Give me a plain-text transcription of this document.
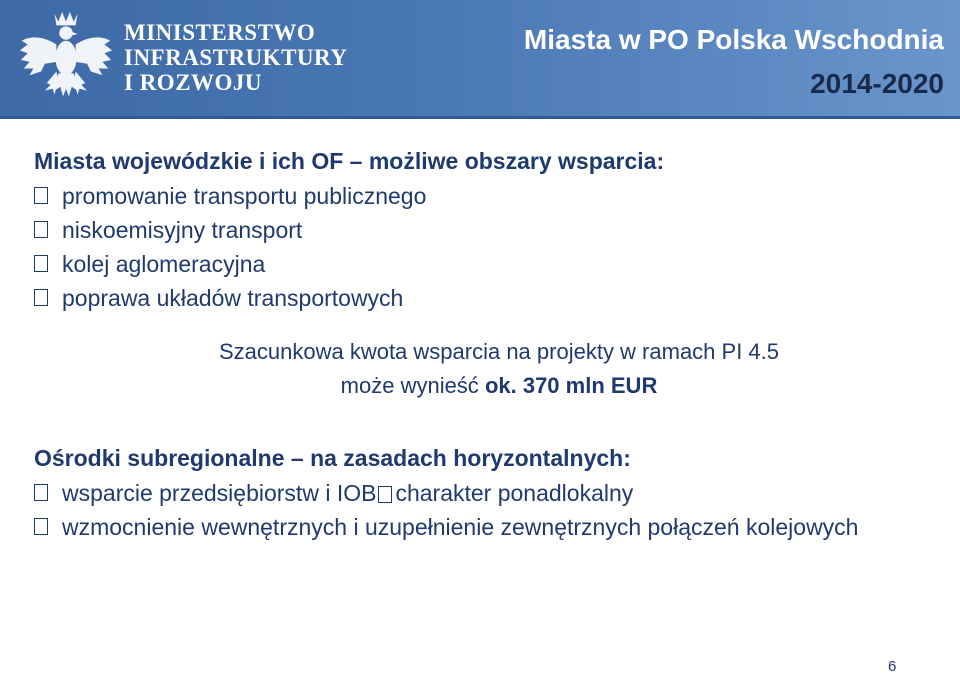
MINISTERSTWO
INFRASTRUKTURY
I ROZWOJU
Miasta w PO Polska Wschodnia
2014-2020
Miasta wojewódzkie i ich OF – możliwe obszary wsparcia:
promowanie transportu publicznego
niskoemisyjny transport
kolej aglomeracyjna
poprawa układów transportowych
Szacunkowa kwota wsparcia na projekty w ramach PI 4.5
może wynieść ok. 370 mln EUR
Ośrodki subregionalne – na zasadach horyzontalnych:
wsparcie przedsiębiorstw i IOB charakter ponadlokalny
wzmocnienie wewnętrznych i uzupełnienie zewnętrznych połączeń kolejowych
6
